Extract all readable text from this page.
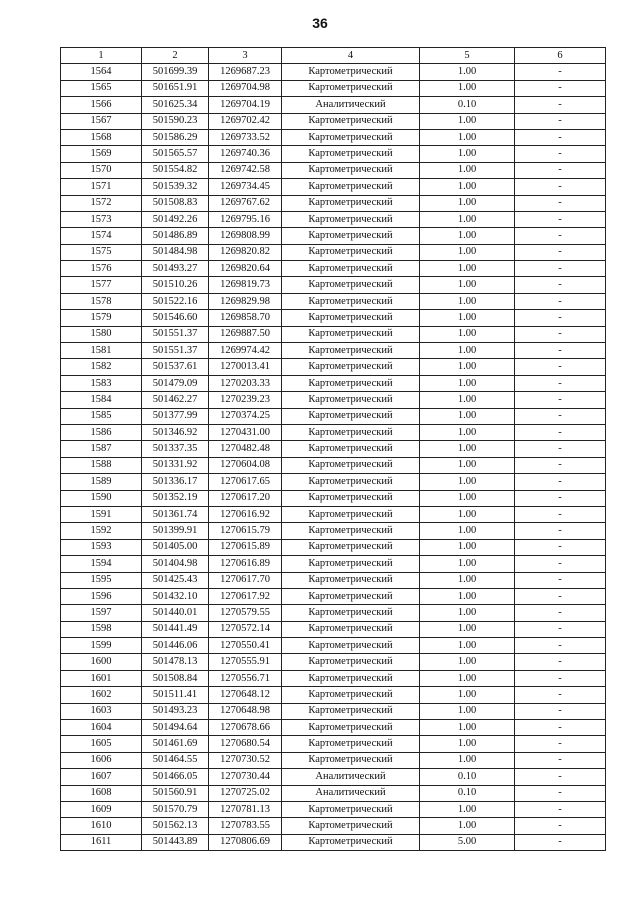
36
1	2	3	4	5	6
1564	501699.39	1269687.23	Картометрический	1.00	-
1565	501651.91	1269704.98	Картометрический	1.00	-
1566	501625.34	1269704.19	Аналитический	0.10	-
1567	501590.23	1269702.42	Картометрический	1.00	-
1568	501586.29	1269733.52	Картометрический	1.00	-
1569	501565.57	1269740.36	Картометрический	1.00	-
1570	501554.82	1269742.58	Картометрический	1.00	-
1571	501539.32	1269734.45	Картометрический	1.00	-
1572	501508.83	1269767.62	Картометрический	1.00	-
1573	501492.26	1269795.16	Картометрический	1.00	-
1574	501486.89	1269808.99	Картометрический	1.00	-
1575	501484.98	1269820.82	Картометрический	1.00	-
1576	501493.27	1269820.64	Картометрический	1.00	-
1577	501510.26	1269819.73	Картометрический	1.00	-
1578	501522.16	1269829.98	Картометрический	1.00	-
1579	501546.60	1269858.70	Картометрический	1.00	-
1580	501551.37	1269887.50	Картометрический	1.00	-
1581	501551.37	1269974.42	Картометрический	1.00	-
1582	501537.61	1270013.41	Картометрический	1.00	-
1583	501479.09	1270203.33	Картометрический	1.00	-
1584	501462.27	1270239.23	Картометрический	1.00	-
1585	501377.99	1270374.25	Картометрический	1.00	-
1586	501346.92	1270431.00	Картометрический	1.00	-
1587	501337.35	1270482.48	Картометрический	1.00	-
1588	501331.92	1270604.08	Картометрический	1.00	-
1589	501336.17	1270617.65	Картометрический	1.00	-
1590	501352.19	1270617.20	Картометрический	1.00	-
1591	501361.74	1270616.92	Картометрический	1.00	-
1592	501399.91	1270615.79	Картометрический	1.00	-
1593	501405.00	1270615.89	Картометрический	1.00	-
1594	501404.98	1270616.89	Картометрический	1.00	-
1595	501425.43	1270617.70	Картометрический	1.00	-
1596	501432.10	1270617.92	Картометрический	1.00	-
1597	501440.01	1270579.55	Картометрический	1.00	-
1598	501441.49	1270572.14	Картометрический	1.00	-
1599	501446.06	1270550.41	Картометрический	1.00	-
1600	501478.13	1270555.91	Картометрический	1.00	-
1601	501508.84	1270556.71	Картометрический	1.00	-
1602	501511.41	1270648.12	Картометрический	1.00	-
1603	501493.23	1270648.98	Картометрический	1.00	-
1604	501494.64	1270678.66	Картометрический	1.00	-
1605	501461.69	1270680.54	Картометрический	1.00	-
1606	501464.55	1270730.52	Картометрический	1.00	-
1607	501466.05	1270730.44	Аналитический	0.10	-
1608	501560.91	1270725.02	Аналитический	0.10	-
1609	501570.79	1270781.13	Картометрический	1.00	-
1610	501562.13	1270783.55	Картометрический	1.00	-
1611	501443.89	1270806.69	Картометрический	5.00	-
